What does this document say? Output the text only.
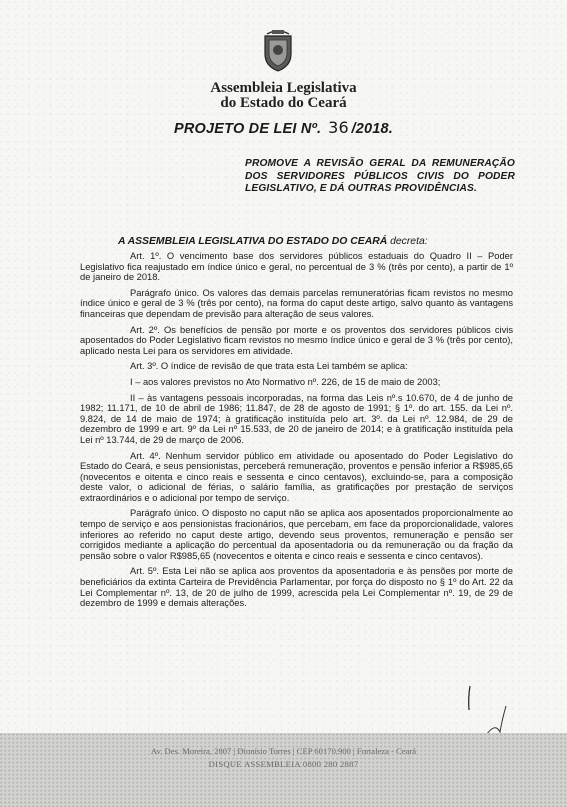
Assembleia Legislativa
do Estado do Ceará
PROJETO DE LEI Nº. 36 /2018.
PROMOVE A REVISÃO GERAL DA REMUNERAÇÃO DOS SERVIDORES PÚBLICOS CIVIS DO PODER LEGISLATIVO, E DÁ OUTRAS PROVIDÊNCIAS.
A ASSEMBLEIA LEGISLATIVA DO ESTADO DO CEARÁ decreta:

Art. 1º. O vencimento base dos servidores públicos estaduais do Quadro II – Poder Legislativo fica reajustado em índice único e geral, no percentual de 3 % (três por cento), a partir de 1º de janeiro de 2018.

Parágrafo único. Os valores das demais parcelas remuneratórias ficam revistos no mesmo índice único e geral de 3 % (três por cento), na forma do caput deste artigo, salvo quanto às vantagens financeiras que dependam de previsão para alteração de seus valores.

Art. 2º. Os benefícios de pensão por morte e os proventos dos servidores públicos civis aposentados do Poder Legislativo ficam revistos no mesmo índice único e geral de 3 % (três por cento), aplicado nesta Lei para os servidores em atividade.

Art. 3º. O índice de revisão de que trata esta Lei também se aplica:

I – aos valores previstos no Ato Normativo nº. 226, de 15 de maio de 2003;

II – às vantagens pessoais incorporadas, na forma das Leis nº.s 10.670, de 4 de junho de 1982; 11.171, de 10 de abril de 1986; 11.847, de 28 de agosto de 1991; § 1º. do art. 155. da Lei nº. 9.824, de 14 de maio de 1974; à gratificação instituída pelo art. 3º. da Lei nº. 12.984, de 29 de dezembro de 1999 e art. 9º da Lei nº 15.533, de 20 de janeiro de 2014; e à gratificação instituída pela Lei nº 13.744, de 29 de março de 2006.

Art. 4º. Nenhum servidor público em atividade ou aposentado do Poder Legislativo do Estado do Ceará, e seus pensionistas, perceberá remuneração, proventos e pensão inferior a R$985,65 (novecentos e oitenta e cinco reais e sessenta e cinco centavos), excluindo-se, para a composição deste valor, o adicional de férias, o salário família, as gratificações por prestação de serviços extraordinários e o adicional por tempo de serviço.

Parágrafo único. O disposto no caput não se aplica aos aposentados proporcionalmente ao tempo de serviço e aos pensionistas fracionários, que percebam, em face da proporcionalidade, valores inferiores ao referido no caput deste artigo, devendo seus proventos, remuneração e pensão ser corrigidos mediante a aplicação do percentual da aposentadoria ou da remuneração ou da fração da pensão sobre o valor R$985,65 (novecentos e oitenta e cinco reais e sessenta e cinco centavos).

Art. 5º. Esta Lei não se aplica aos proventos da aposentadoria e às pensões por morte de beneficiários da extinta Carteira de Previdência Parlamentar, por força do disposto no § 1º do Art. 22 da Lei Complementar nº. 13, de 20 de julho de 1999, acrescida pela Lei Complementar nº. 19, de 29 de dezembro de 1999 e demais alterações.

Av. Des. Moreira, 2807 | Dionísio Torres | CEP 60170.900 | Fortaleza - Ceará
DISQUE ASSEMBLEIA 0800 280 2887
